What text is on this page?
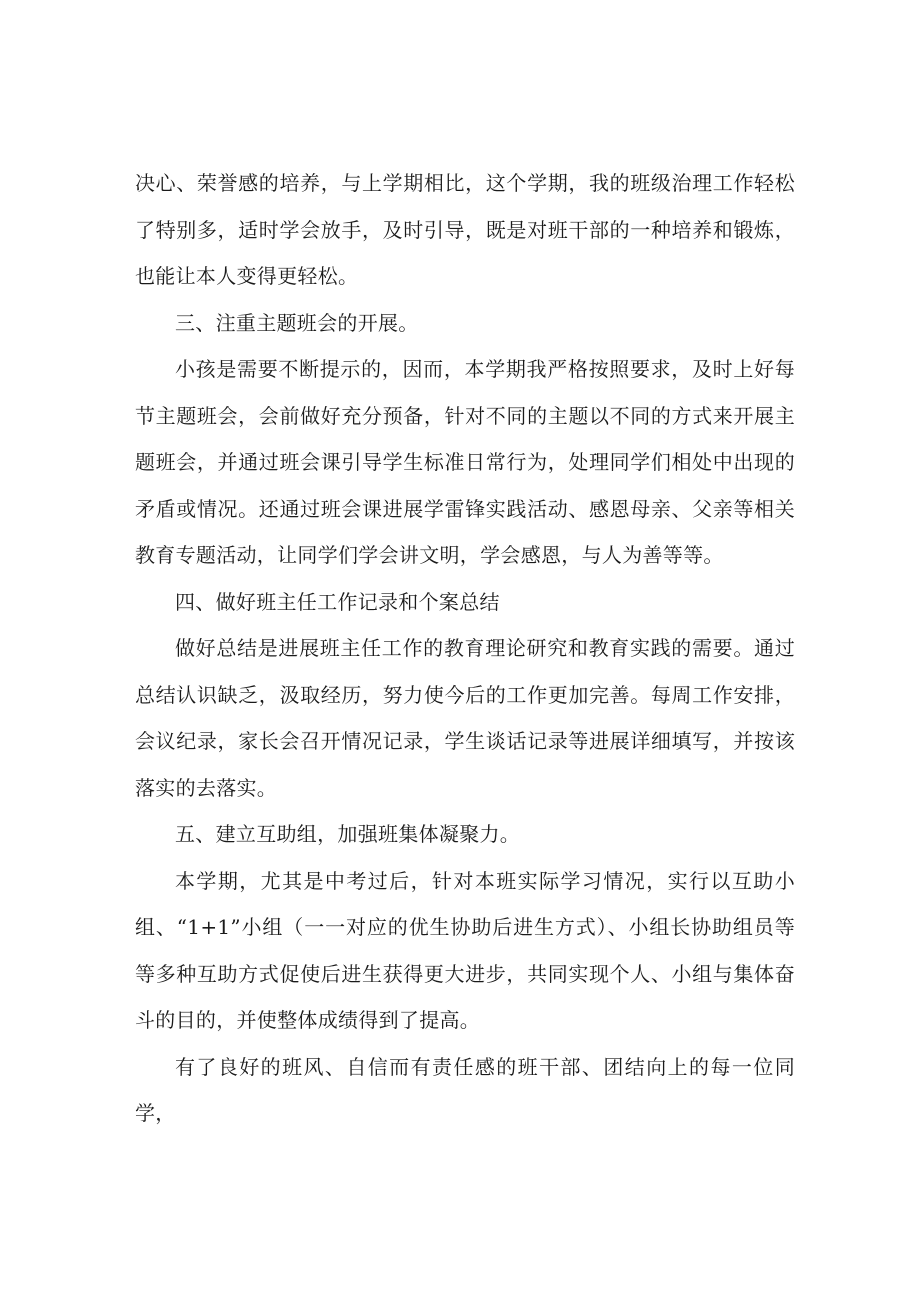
决心、荣誉感的培养，与上学期相比，这个学期，我的班级治理工作轻松了特别多，适时学会放手，及时引导，既是对班干部的一种培养和锻炼，也能让本人变得更轻松。

三、注重主题班会的开展。

小孩是需要不断提示的，因而，本学期我严格按照要求，及时上好每节主题班会，会前做好充分预备，针对不同的主题以不同的方式来开展主题班会，并通过班会课引导学生标准日常行为，处理同学们相处中出现的矛盾或情况。还通过班会课进展学雷锋实践活动、感恩母亲、父亲等相关教育专题活动，让同学们学会讲文明，学会感恩，与人为善等等。

四、做好班主任工作记录和个案总结

做好总结是进展班主任工作的教育理论研究和教育实践的需要。通过总结认识缺乏，汲取经历，努力使今后的工作更加完善。每周工作安排，会议纪录，家长会召开情况记录，学生谈话记录等进展详细填写，并按该落实的去落实。

五、建立互助组，加强班集体凝聚力。

本学期，尤其是中考过后，针对本班实际学习情况，实行以互助小组、“1+1”小组（一一对应的优生协助后进生方式）、小组长协助组员等等多种互助方式促使后进生获得更大进步，共同实现个人、小组与集体奋斗的目的，并使整体成绩得到了提高。

有了良好的班风、自信而有责任感的班干部、团结向上的每一位同学，
